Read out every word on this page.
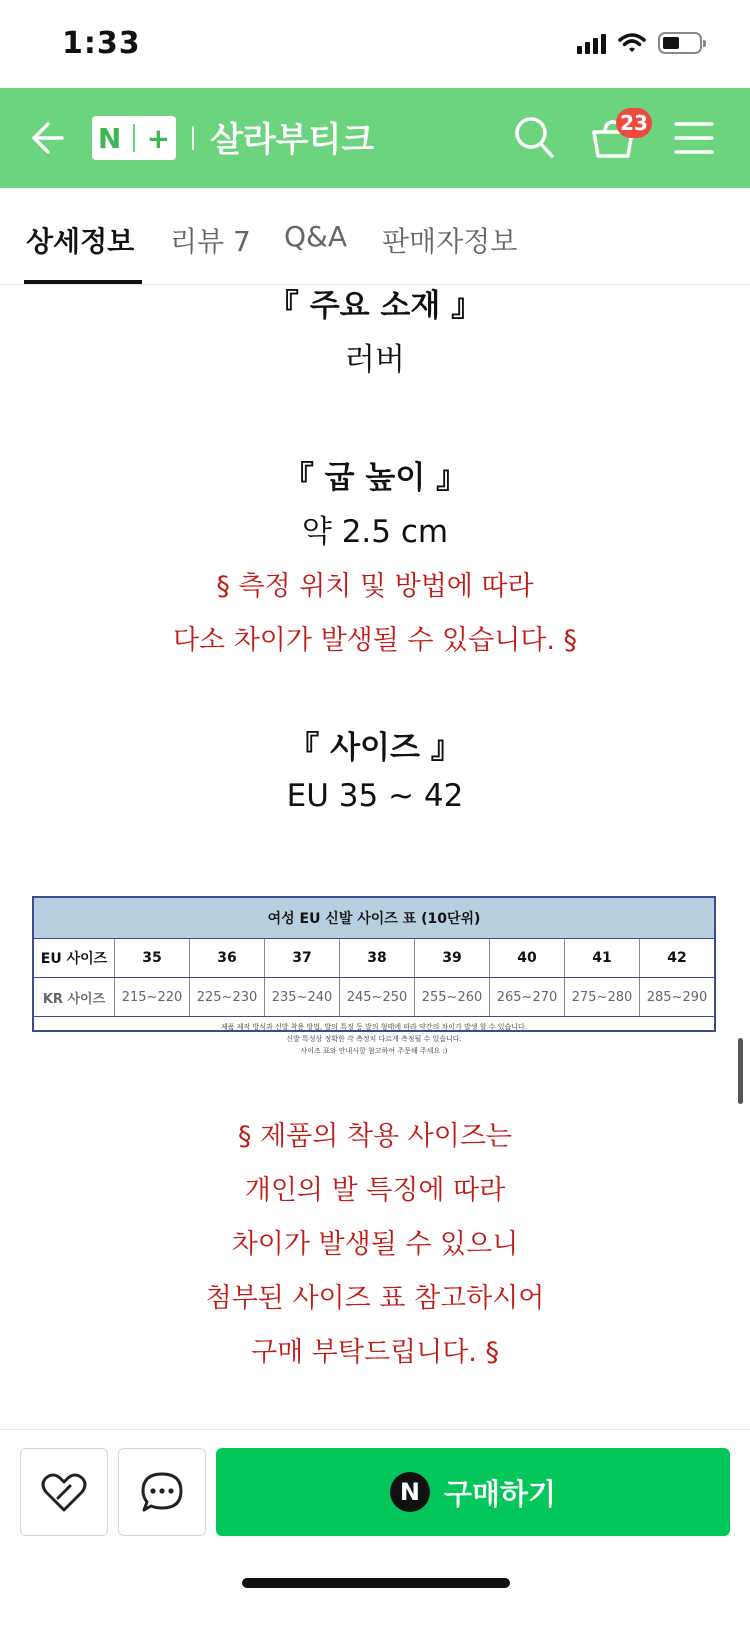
1:33
N + 살라부티크	23
상세정보 리뷰 7 Q&A 판매자정보
『 주요 소재 』
러버
『 굽 높이 』
약 2.5 cm
§ 측정 위치 및 방법에 따라
다소 차이가 발생될 수 있습니다. §
『 사이즈 』
EU 35 ~ 42
여성 EU 신발 사이즈 표 (10단위)
EU 사이즈	35	36	37	38	39	40	41	42
KR 사이즈	215~220	225~230	235~240	245~250	255~260	265~270	275~280	285~290
제품 제작 방식과 신발 착용 방법, 발의 특징 등 발의 형태에 따라 약간의 차이가 발생 할 수 있습니다.
신발 특성상 정확한 각 측정치 다르게 측정될 수 있습니다.
사이즈 표와 안내사항 참고하여 주문해 주세요 :)
§ 제품의 착용 사이즈는
개인의 발 특징에 따라
차이가 발생될 수 있으니
첨부된 사이즈 표 참고하시어
구매 부탁드립니다. §
N 구매하기
